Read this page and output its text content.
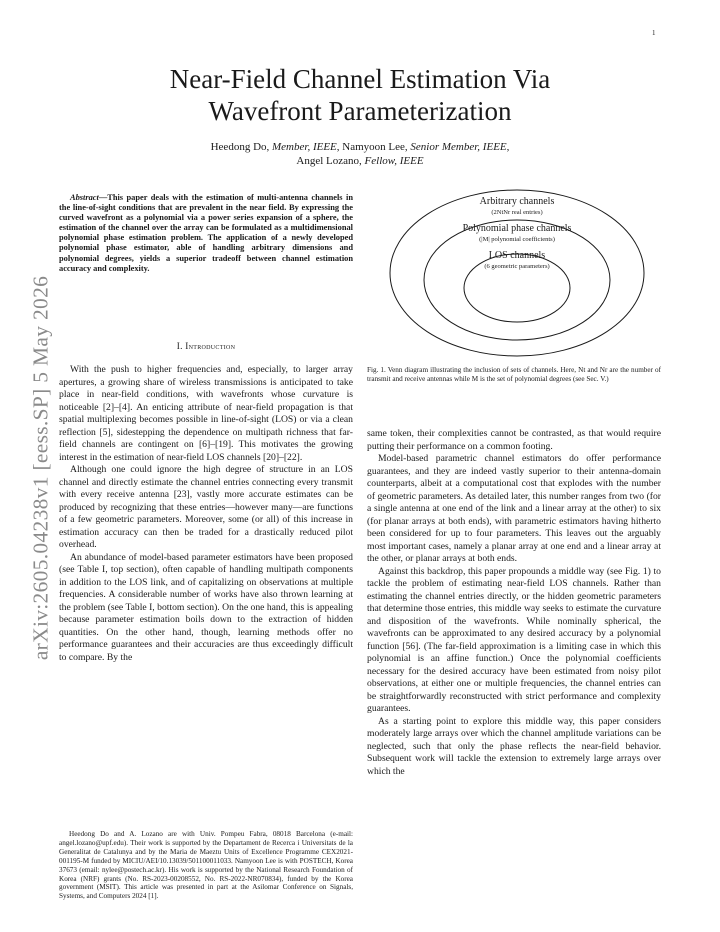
1
arXiv:2605.04238v1 [eess.SP] 5 May 2026
Near-Field Channel Estimation Via
Wavefront Parameterization
Heedong Do, Member, IEEE, Namyoon Lee, Senior Member, IEEE,
Angel Lozano, Fellow, IEEE
Abstract—This paper deals with the estimation of multi-antenna channels in the line-of-sight conditions that are prevalent in the near field. By expressing the curved wavefront as a polynomial via a power series expansion of a sphere, the estimation of the channel over the array can be formulated as a multidimensional polynomial phase estimation problem. The application of a newly developed polynomial phase estimator, able of handling arbitrary dimensions and polynomial degrees, yields a superior tradeoff between channel estimation accuracy and complexity.
I. Introduction

With the push to higher frequencies and, especially, to larger array apertures, a growing share of wireless transmissions is anticipated to take place in near-field conditions, with wavefronts whose curvature is noticeable [2]–[4]. An enticing attribute of near-field propagation is that spatial multiplexing becomes possible in line-of-sight (LOS) or via a clean reflection [5], sidestepping the dependence on multipath richness that far-field channels are contingent on [6]–[19]. This motivates the growing interest in the estimation of near-field LOS channels [20]–[22].

Although one could ignore the high degree of structure in an LOS channel and directly estimate the channel entries connecting every transmit with every receive antenna [23], vastly more accurate estimates can be produced by recognizing that these entries—however many—are functions of a few geometric parameters. Moreover, some (or all) of this increase in estimation accuracy can then be traded for a drastically reduced pilot overhead.

An abundance of model-based parameter estimators have been proposed (see Table I, top section), often capable of handling multipath components in addition to the LOS link, and of capitalizing on observations at multiple frequencies. A considerable number of works have also thrown learning at the problem (see Table I, bottom section). On the one hand, this is appealing because parameter estimation boils down to the extraction of hidden quantities. On the other hand, though, learning methods offer no performance guarantees and their accuracies are thus exceedingly difficult to compare. By the

Heedong Do and A. Lozano are with Univ. Pompeu Fabra, 08018 Barcelona (e-mail: angel.lozano@upf.edu). Their work is supported by the Departament de Recerca i Universitats de la Generalitat de Catalunya and by the Maria de Maeztu Units of Excellence Programme CEX2021-001195-M funded by MICIU/AEI/10.13039/501100011033. Namyoon Lee is with POSTECH, Korea 37673 (email: nylee@postech.ac.kr). His work is supported by the National Research Foundation of Korea (NRF) grants (No. RS-2023-00208552, No. RS-2022-NR070834), funded by the Korea government (MSIT). This article was presented in part at the Asilomar Conference on Signals, Systems, and Computers 2024 [1].
Arbitrary channels
(2NtNr real entries)
Polynomial phase channels
(|M| polynomial coefficients)
LOS channels
(6 geometric parameters)
Fig. 1. Venn diagram illustrating the inclusion of sets of channels. Here, Nt and Nr are the number of transmit and receive antennas while M is the set of polynomial degrees (see Sec. V.)

same token, their complexities cannot be contrasted, as that would require putting their performance on a common footing.

Model-based parametric channel estimators do offer performance guarantees, and they are indeed vastly superior to their antenna-domain counterparts, albeit at a computational cost that explodes with the number of geometric parameters. As detailed later, this number ranges from two (for a single antenna at one end of the link and a linear array at the other) to six (for planar arrays at both ends), with parametric estimators having hitherto been considered for up to four parameters. This leaves out the arguably most important cases, namely a planar array at one end and a linear array at the other, or planar arrays at both ends.

Against this backdrop, this paper propounds a middle way (see Fig. 1) to tackle the problem of estimating near-field LOS channels. Rather than estimating the channel entries directly, or the hidden geometric parameters that determine those entries, this middle way seeks to estimate the curvature and disposition of the wavefronts. While nominally spherical, the wavefronts can be approximated to any desired accuracy by a polynomial function [56]. (The far-field approximation is a limiting case in which this polynomial is an affine function.) Once the polynomial coefficients necessary for the desired accuracy have been estimated from noisy pilot observations, at either one or multiple frequencies, the channel entries can be straightforwardly reconstructed with strict performance and complexity guarantees.

As a starting point to explore this middle way, this paper considers moderately large arrays over which the channel amplitude variations can be neglected, such that only the phase reflects the near-field behavior. Subsequent work will tackle the extension to extremely large arrays over which the
